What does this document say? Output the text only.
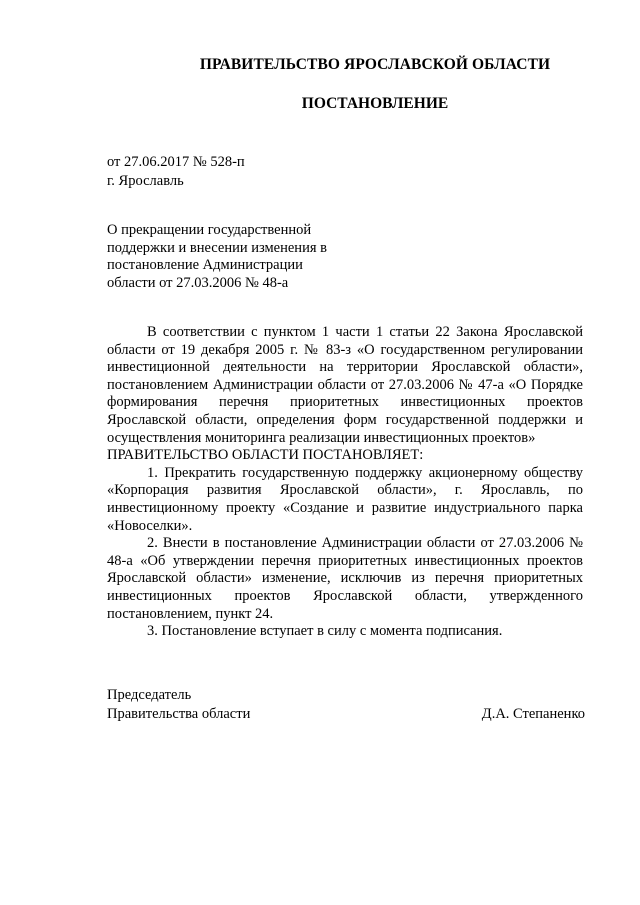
ПРАВИТЕЛЬСТВО ЯРОСЛАВСКОЙ ОБЛАСТИ
ПОСТАНОВЛЕНИЕ
от 27.06.2017 № 528-п
г. Ярославль
О прекращении государственной поддержки и внесении изменения в постановление Администрации области от 27.03.2006 № 48-а

В соответствии с пунктом 1 части 1 статьи 22 Закона Ярославской области от 19 декабря 2005 г. № 83-з «О государственном регулировании инвестиционной деятельности на территории Ярославской области», постановлением Администрации области от 27.03.2006 № 47-а «О Порядке формирования перечня приоритетных инвестиционных проектов Ярославской области, определения форм государственной поддержки и осуществления мониторинга реализации инвестиционных проектов»

ПРАВИТЕЛЬСТВО ОБЛАСТИ ПОСТАНОВЛЯЕТ:

1. Прекратить государственную поддержку акционерному обществу «Корпорация развития Ярославской области», г. Ярославль, по инвестиционному проекту «Создание и развитие индустриального парка «Новоселки».

2. Внести в постановление Администрации области от 27.03.2006 № 48-а «Об утверждении перечня приоритетных инвестиционных проектов Ярославской области» изменение, исключив из перечня приоритетных инвестиционных проектов Ярославской области, утвержденного постановлением, пункт 24.

3. Постановление вступает в силу с момента подписания.

Председатель
Правительства области	Д.А. Степаненко
